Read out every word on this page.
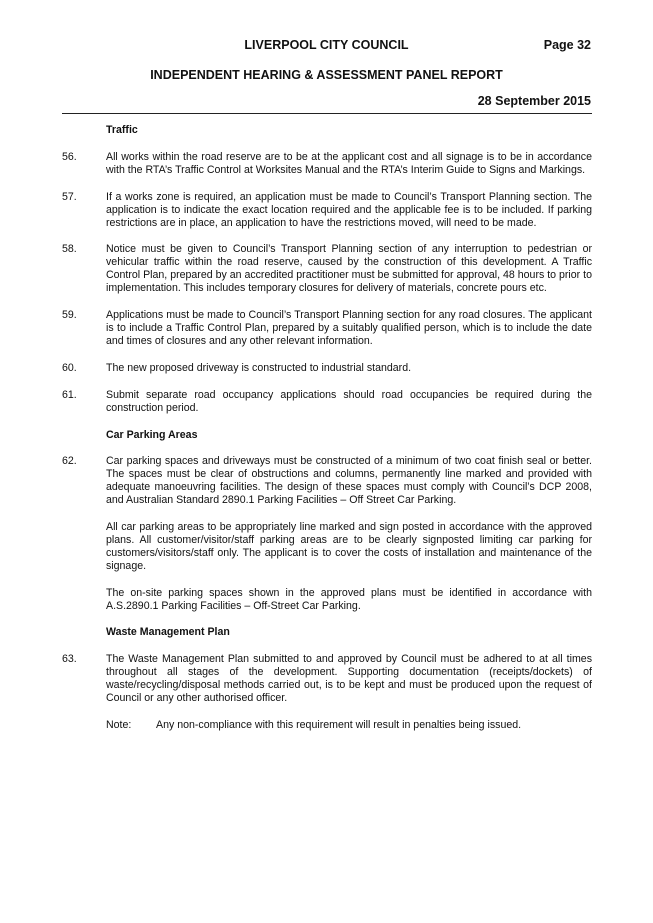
LIVERPOOL CITY COUNCIL	Page 32
INDEPENDENT HEARING & ASSESSMENT PANEL REPORT
28 September 2015
Traffic
56.	All works within the road reserve are to be at the applicant cost and all signage is to be in accordance with the RTA’s Traffic Control at Worksites Manual and the RTA’s Interim Guide to Signs and Markings.
57.	If a works zone is required, an application must be made to Council’s Transport Planning section. The application is to indicate the exact location required and the applicable fee is to be included. If parking restrictions are in place, an application to have the restrictions moved, will need to be made.
58.	Notice must be given to Council’s Transport Planning section of any interruption to pedestrian or vehicular traffic within the road reserve, caused by the construction of this development. A Traffic Control Plan, prepared by an accredited practitioner must be submitted for approval, 48 hours to prior to implementation. This includes temporary closures for delivery of materials, concrete pours etc.
59.	Applications must be made to Council’s Transport Planning section for any road closures. The applicant is to include a Traffic Control Plan, prepared by a suitably qualified person, which is to include the date and times of closures and any other relevant information.
60.	The new proposed driveway is constructed to industrial standard.
61.	Submit separate road occupancy applications should road occupancies be required during the construction period.
Car Parking Areas
62.	Car parking spaces and driveways must be constructed of a minimum of two coat finish seal or better. The spaces must be clear of obstructions and columns, permanently line marked and provided with adequate manoeuvring facilities. The design of these spaces must comply with Council’s DCP 2008, and Australian Standard 2890.1 Parking Facilities – Off Street Car Parking.
All car parking areas to be appropriately line marked and sign posted in accordance with the approved plans. All customer/visitor/staff parking areas are to be clearly signposted limiting car parking for customers/visitors/staff only. The applicant is to cover the costs of installation and maintenance of the signage.
The on-site parking spaces shown in the approved plans must be identified in accordance with A.S.2890.1 Parking Facilities – Off-Street Car Parking.
Waste Management Plan
63.	The Waste Management Plan submitted to and approved by Council must be adhered to at all times throughout all stages of the development. Supporting documentation (receipts/dockets) of waste/recycling/disposal methods carried out, is to be kept and must be produced upon the request of Council or any other authorised officer.
Note:	Any non-compliance with this requirement will result in penalties being issued.
